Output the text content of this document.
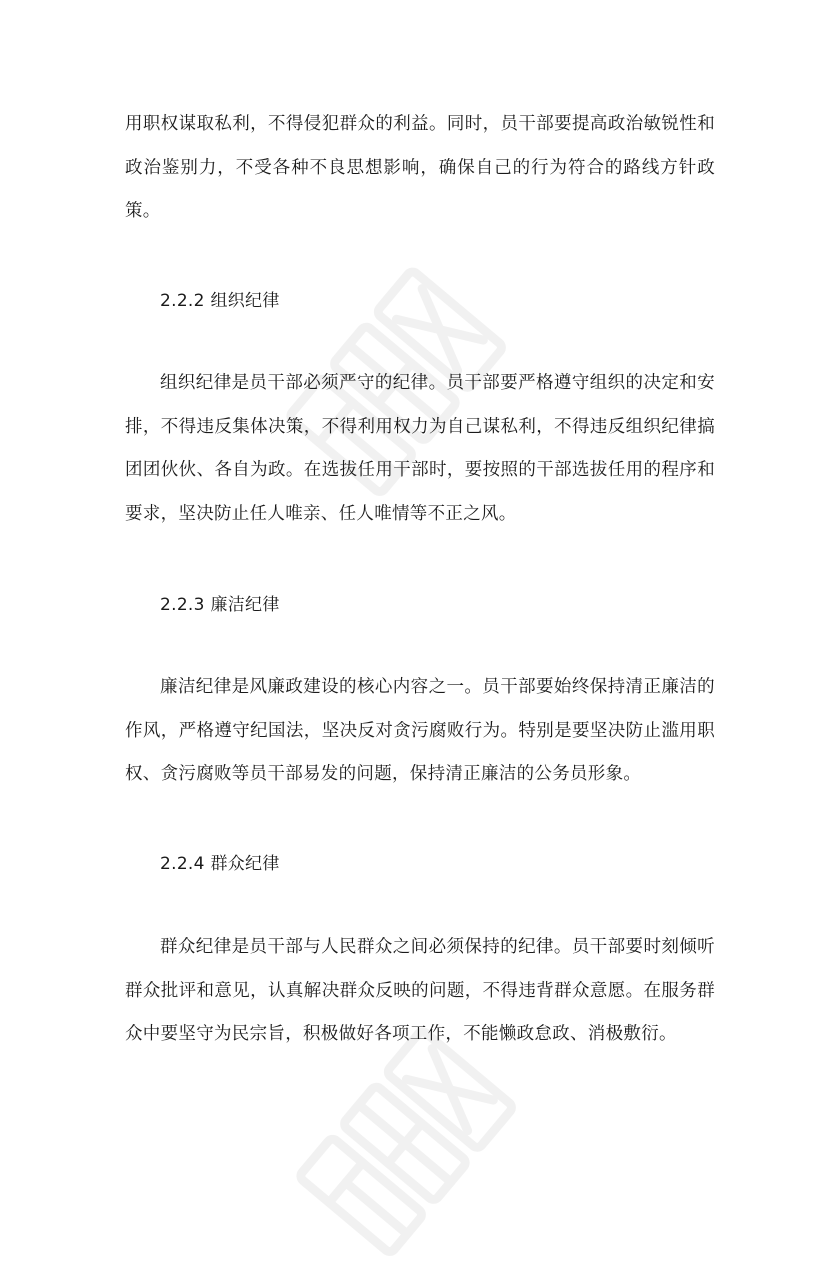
用职权谋取私利，不得侵犯群众的利益。同时，员干部要提高政治敏锐性和政治鉴别力，不受各种不良思想影响，确保自己的行为符合的路线方针政策。

2.2.2 组织纪律

组织纪律是员干部必须严守的纪律。员干部要严格遵守组织的决定和安排，不得违反集体决策，不得利用权力为自己谋私利，不得违反组织纪律搞团团伙伙、各自为政。在选拔任用干部时，要按照的干部选拔任用的程序和要求，坚决防止任人唯亲、任人唯情等不正之风。

2.2.3 廉洁纪律

廉洁纪律是风廉政建设的核心内容之一。员干部要始终保持清正廉洁的作风，严格遵守纪国法，坚决反对贪污腐败行为。特别是要坚决防止滥用职权、贪污腐败等员干部易发的问题，保持清正廉洁的公务员形象。

2.2.4 群众纪律

群众纪律是员干部与人民群众之间必须保持的纪律。员干部要时刻倾听群众批评和意见，认真解决群众反映的问题，不得违背群众意愿。在服务群众中要坚守为民宗旨，积极做好各项工作，不能懒政怠政、消极敷衍。
